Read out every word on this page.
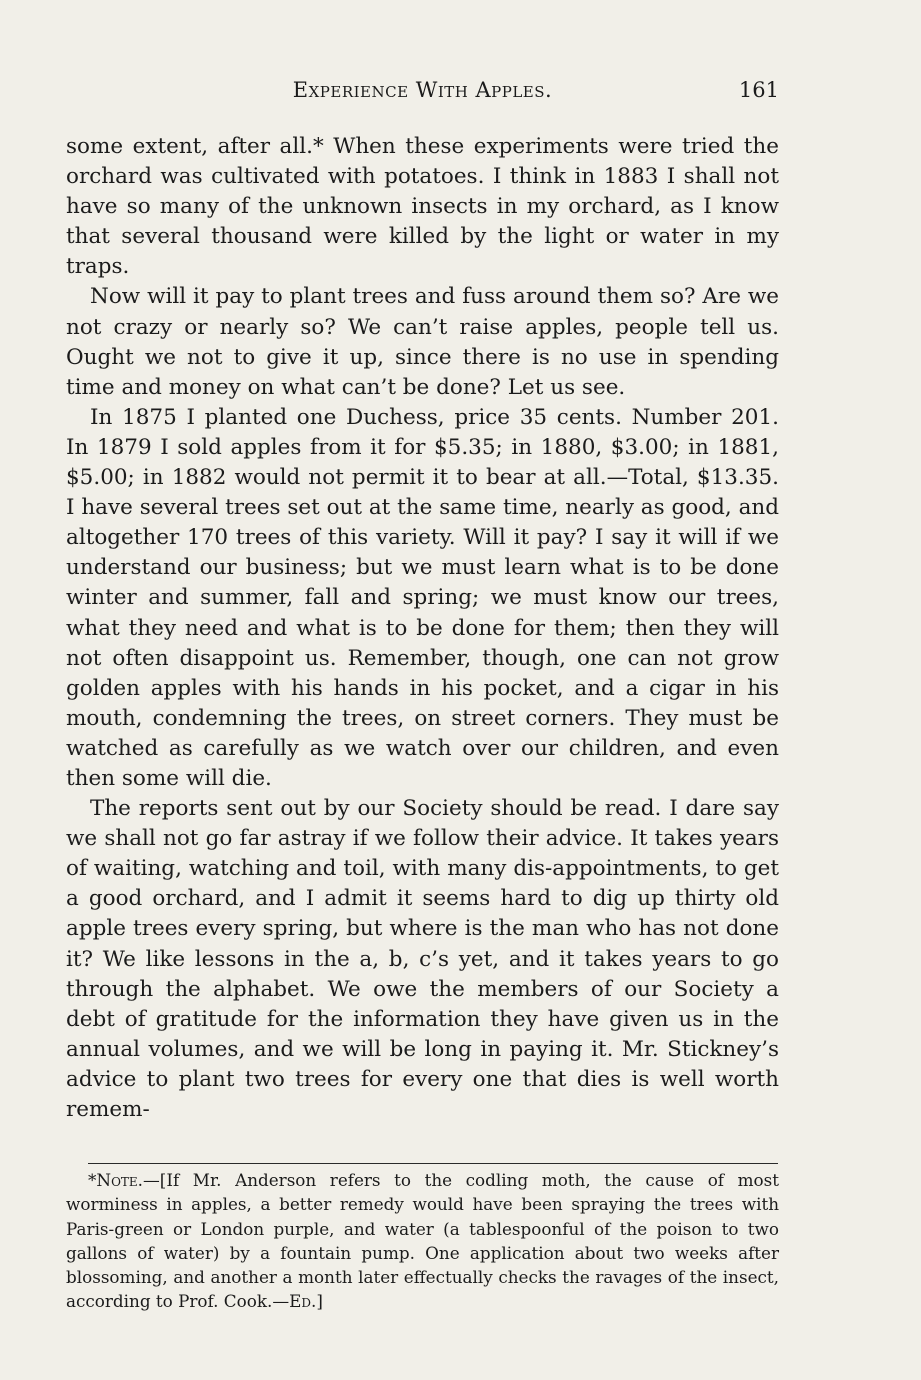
Experience With Apples.	161

some extent, after all.* When these experiments were tried the orchard was cultivated with potatoes. I think in 1883 I shall not have so many of the unknown insects in my orchard, as I know that several thousand were killed by the light or water in my traps.

Now will it pay to plant trees and fuss around them so? Are we not crazy or nearly so? We can’t raise apples, people tell us. Ought we not to give it up, since there is no use in spending time and money on what can’t be done? Let us see.

In 1875 I planted one Duchess, price 35 cents. Number 201. In 1879 I sold apples from it for $5.35; in 1880, $3.00; in 1881, $5.00; in 1882 would not permit it to bear at all.—Total, $13.35. I have several trees set out at the same time, nearly as good, and altogether 170 trees of this variety. Will it pay? I say it will if we understand our business; but we must learn what is to be done winter and summer, fall and spring; we must know our trees, what they need and what is to be done for them; then they will not often disappoint us. Remember, though, one can not grow golden apples with his hands in his pocket, and a cigar in his mouth, condemning the trees, on street corners. They must be watched as carefully as we watch over our children, and even then some will die.

The reports sent out by our Society should be read. I dare say we shall not go far astray if we follow their advice. It takes years of waiting, watching and toil, with many dis-appointments, to get a good orchard, and I admit it seems hard to dig up thirty old apple trees every spring, but where is the man who has not done it? We like lessons in the a, b, c’s yet, and it takes years to go through the alphabet. We owe the members of our Society a debt of gratitude for the information they have given us in the annual volumes, and we will be long in paying it. Mr. Stickney’s advice to plant two trees for every one that dies is well worth remem-

*Note.—[If Mr. Anderson refers to the codling moth, the cause of most worminess in apples, a better remedy would have been spraying the trees with Paris-green or London purple, and water (a tablespoonful of the poison to two gallons of water) by a fountain pump. One application about two weeks after blossoming, and another a month later effectually checks the ravages of the insect, according to Prof. Cook.—Ed.]
